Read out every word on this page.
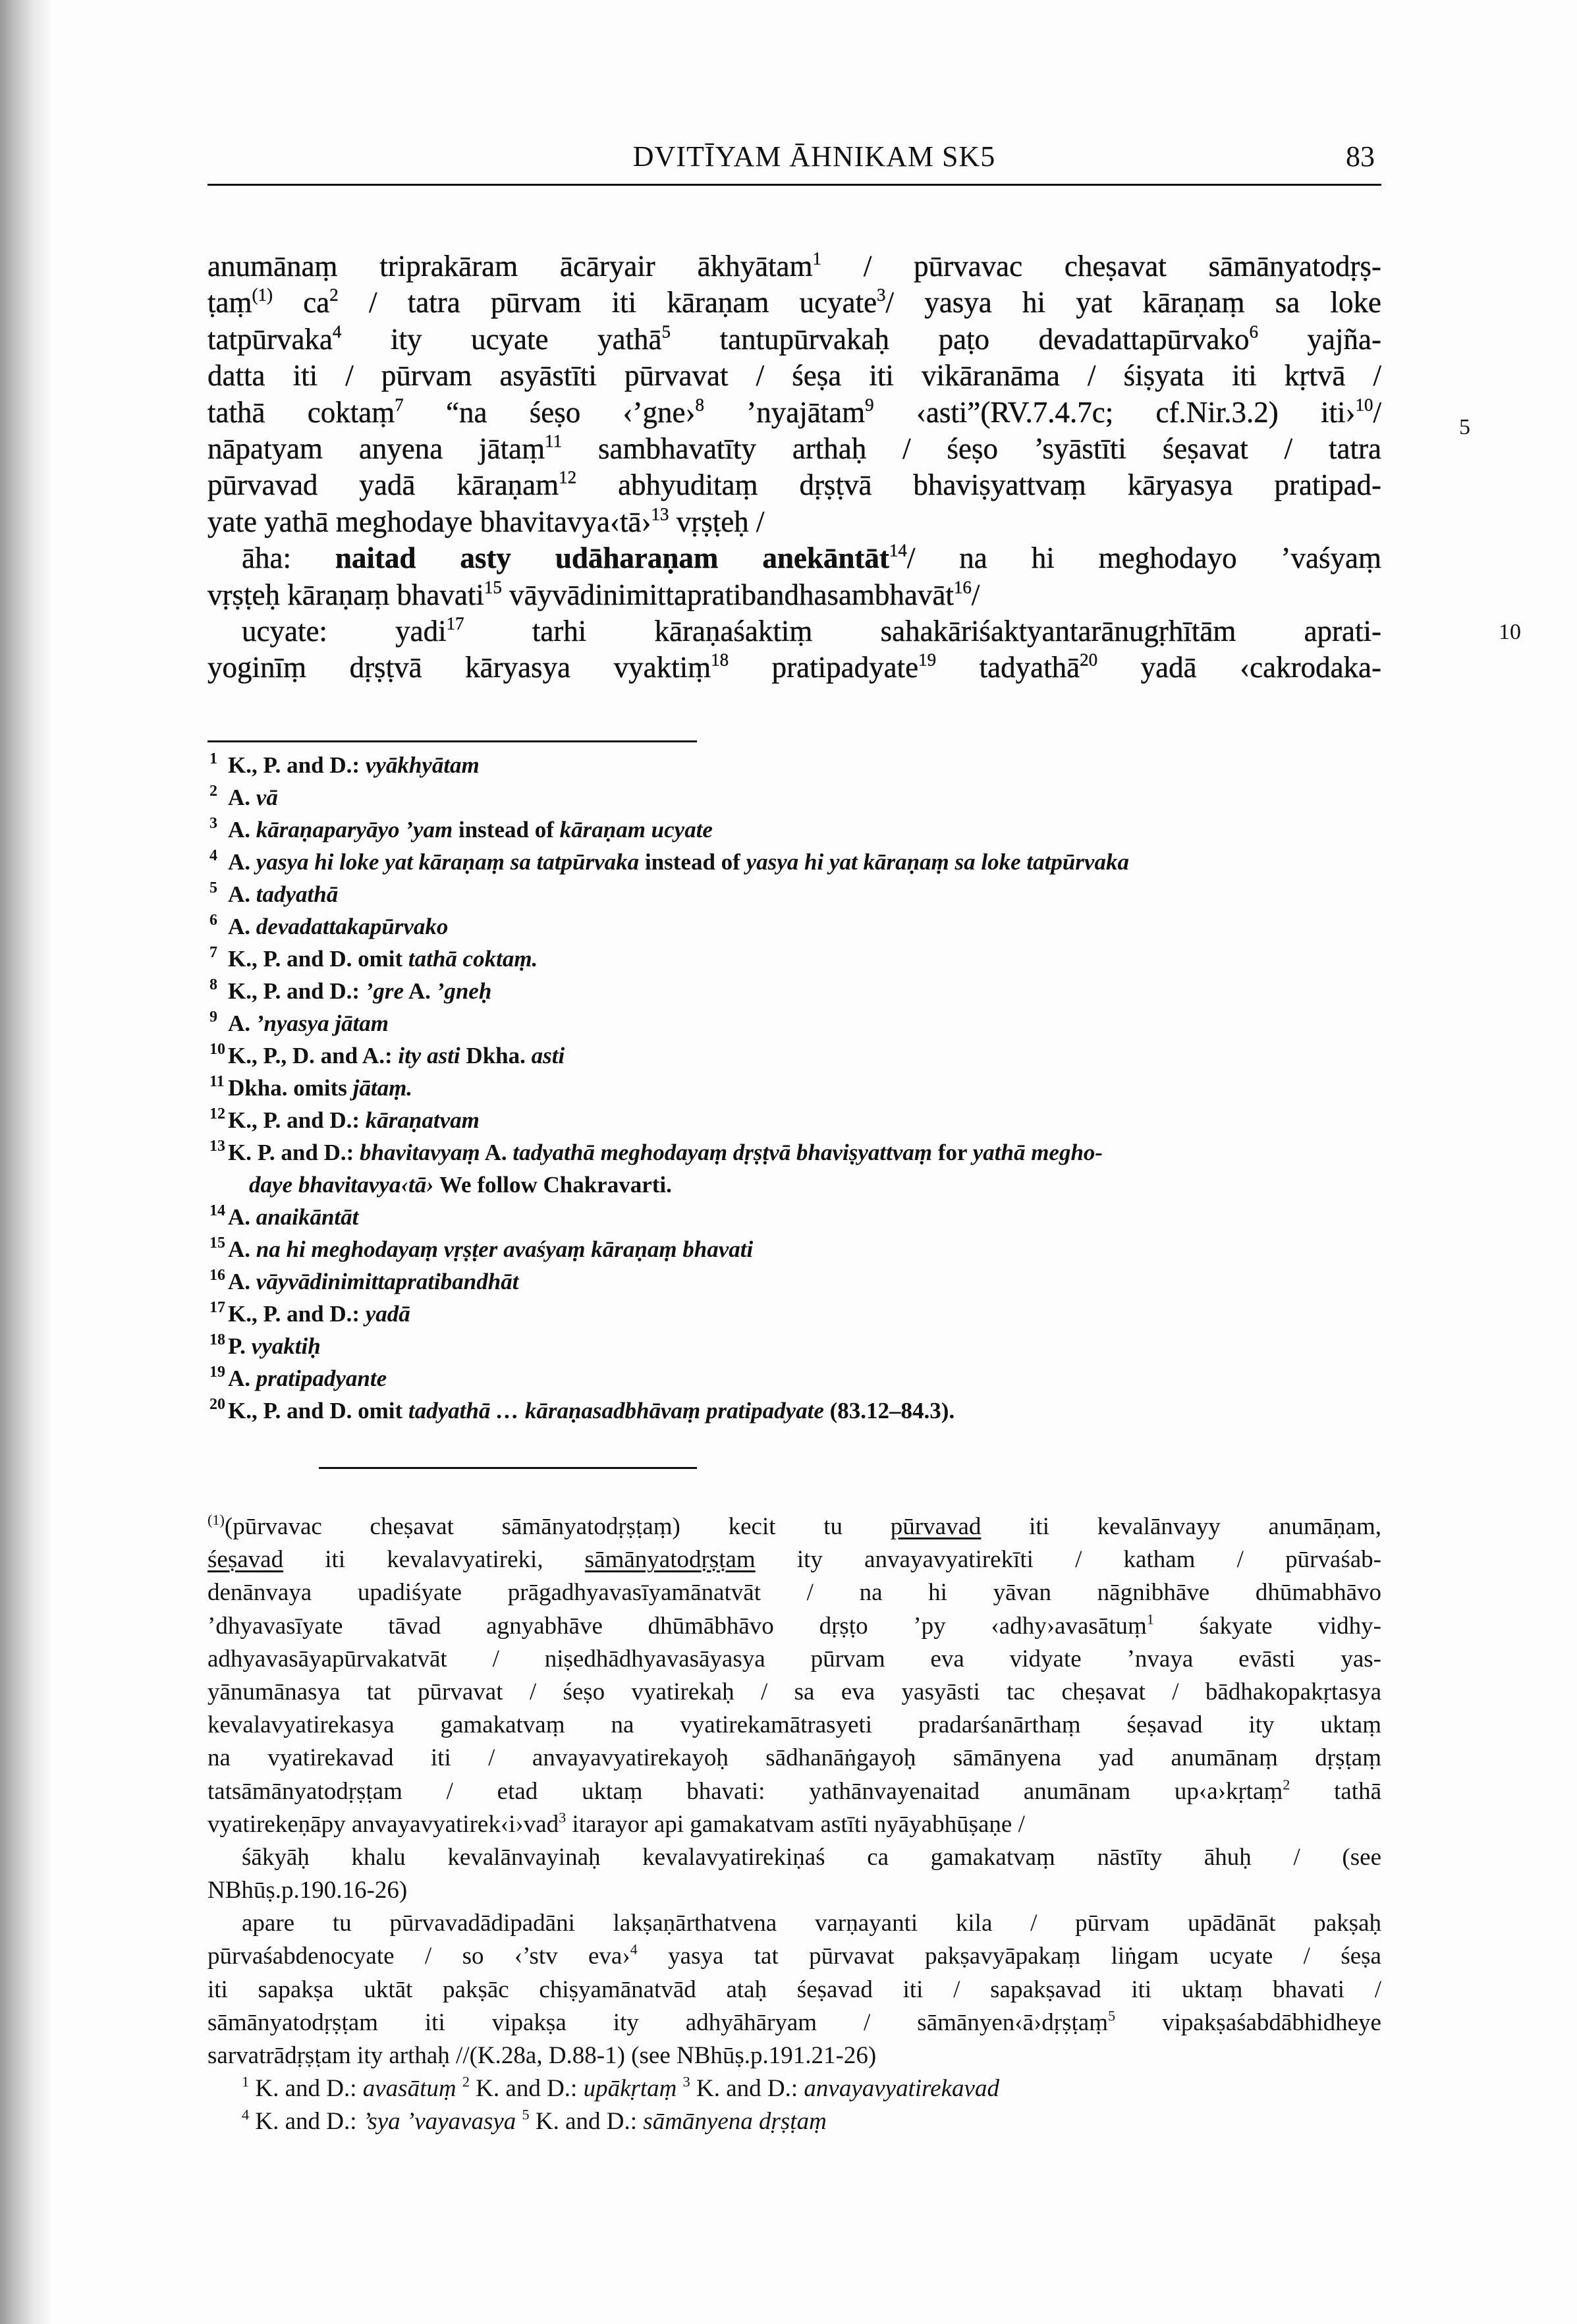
DVITĪYAM ĀHNIKAM SK5	83
anumānaṃ triprakāram ācāryair ākhyātam$^1$ / pūrvavac cheṣavat sāmānyatodṛṣ-
ṭaṃ$^{(1)}$ $ca^2$ / tatra pūrvam iti kāraṇam ucyate$^3$/ yasya hi yat kāraṇaṃ sa loke
tatpūrvaka$^4$ ity ucyate yathā$^5$ tantupūrvakaḥ paṭo devadattapūrvako$^6$ yajña-
datta iti / pūrvam asyāstīti pūrvavat / śeṣa iti vikāranāma / śiṣyata iti kṛtvā /
tathā coktaṃ$^7$ “na śeṣo ‹’gne›$^8$ ’nyajātam$^9$ ‹asti”(RV.7.4.7c; cf.Nir.3.2) iti›$^{10}$/
nāpatyam anyena jātaṃ$^{11}$ sambhavatīty arthaḥ / śeṣo ’syāstīti śeṣavat / tatra
pūrvavad yadā kāraṇam$^{12}$ abhyuditaṃ dṛṣṭvā bhaviṣyattvaṃ kāryasya pratipad-
yate yathā meghodaye bhavitavya‹tā›$^{13}$ vṛṣṭeḥ /
āha: naitad asty udāharaṇam anekāntāt$^{14}$/ na hi meghodayo ’vaśyaṃ
vṛṣṭeḥ kāraṇaṃ bhavati$^{15}$ vāyvādinimittapratibandhasambhavāt$^{16}$/
ucyate: yadi$^{17}$ tarhi kāraṇaśaktiṃ sahakāriśaktyantarānugṛhītām aprati-
yoginīṃ dṛṣṭvā kāryasya vyaktiṃ$^{18}$ pratipadyate$^{19}$ tadyathā$^{20}$ yadā ‹cakrodaka-
5
10
1 K., P. and D.: vyākhyātam
2 A. vā
3 A. kāraṇaparyāyo ’yam instead of kāraṇam ucyate
4 A. yasya hi loke yat kāraṇaṃ sa tatpūrvaka instead of yasya hi yat kāraṇaṃ sa loke tatpūrvaka
5 A. tadyathā
6 A. devadattakapūrvako
7 K., P. and D. omit tathā coktaṃ.
8 K., P. and D.: ’gre A. ’gneḥ
9 A. ’nyasya jātam
10 K., P., D. and A.: ity asti Dkha. asti
11 Dkha. omits jātaṃ.
12 K., P. and D.: kāraṇatvam
13 K. P. and D.: bhavitavyaṃ A. tadyathā meghodayaṃ dṛṣṭvā bhaviṣyattvaṃ for yathā megho-
daye bhavitavya‹tā› We follow Chakravarti.
14 A. anaikāntāt
15 A. na hi meghodayaṃ vṛṣṭer avaśyaṃ kāraṇaṃ bhavati
16 A. vāyvādinimittapratibandhāt
17 K., P. and D.: yadā
18 P. vyaktiḥ
19 A. pratipadyante
20 K., P. and D. omit tadyathā … kāraṇasadbhāvaṃ pratipadyate (83.12–84.3).
$^{(1)}$(pūrvavac cheṣavat sāmānyatodṛṣṭaṃ) kecit tu pūrvavad iti kevalānvayy anumāṇam,
śeṣavad iti kevalavyatireki, sāmānyatodṛṣṭam ity anvayavyatirekīti / katham / pūrvaśab-
denānvaya upadiśyate prāgadhyavasīyamānatvāt / na hi yāvan nāgnibhāve dhūmabhāvo
’dhyavasīyate tāvad agnyabhāve dhūmābhāvo dṛṣṭo ’py ‹adhy›avasātuṃ$^1$ śakyate vidhy-
adhyavasāyapūrvakatvāt / niṣedhādhyavasāyasya pūrvam eva vidyate ’nvaya evāsti yas-
yānumānasya tat pūrvavat / śeṣo vyatirekaḥ / sa eva yasyāsti tac cheṣavat / bādhakopakṛtasya
kevalavyatirekasya gamakatvaṃ na vyatirekamātrasyeti pradarśanārthaṃ śeṣavad ity uktaṃ
na vyatirekavad iti / anvayavyatirekayoḥ sādhanāṅgayoḥ sāmānyena yad anumānaṃ dṛṣṭaṃ
tatsāmānyatodṛṣṭam / etad uktaṃ bhavati: yathānvayenaitad anumānam up‹a›kṛtaṃ$^2$ tathā
vyatirekeṇāpy anvayavyatirek‹i›vad$^3$ itarayor api gamakatvam astīti nyāyabhūṣaṇe /
śākyāḥ khalu kevalānvayinaḥ kevalavyatirekiṇaś ca gamakatvaṃ nāstīty āhuḥ / (see
NBhūṣ.p.190.16-26)
apare tu pūrvavadādipadāni lakṣaṇārthatvena varṇayanti kila / pūrvam upādānāt pakṣaḥ
pūrvaśabdenocyate / so ‹’stv eva›$^4$ yasya tat pūrvavat pakṣavyāpakaṃ liṅgam ucyate / śeṣa
iti sapakṣa uktāt pakṣāc chiṣyamānatvād ataḥ śeṣavad iti / sapakṣavad iti uktaṃ bhavati /
sāmānyatodṛṣṭam iti vipakṣa ity adhyāhāryam / sāmānyen‹ā›dṛṣṭaṃ$^5$ vipakṣaśabdābhidheye
sarvatrādṛṣṭam ity arthaḥ //(K.28a, D.88-1) (see NBhūṣ.p.191.21-26)
$^1$ K. and D.: avasātuṃ $^2$ K. and D.: upākṛtaṃ $^3$ K. and D.: anvayavyatirekavad
$^4$ K. and D.: ’sya ’vayavasya $^5$ K. and D.: sāmānyena dṛṣṭaṃ
